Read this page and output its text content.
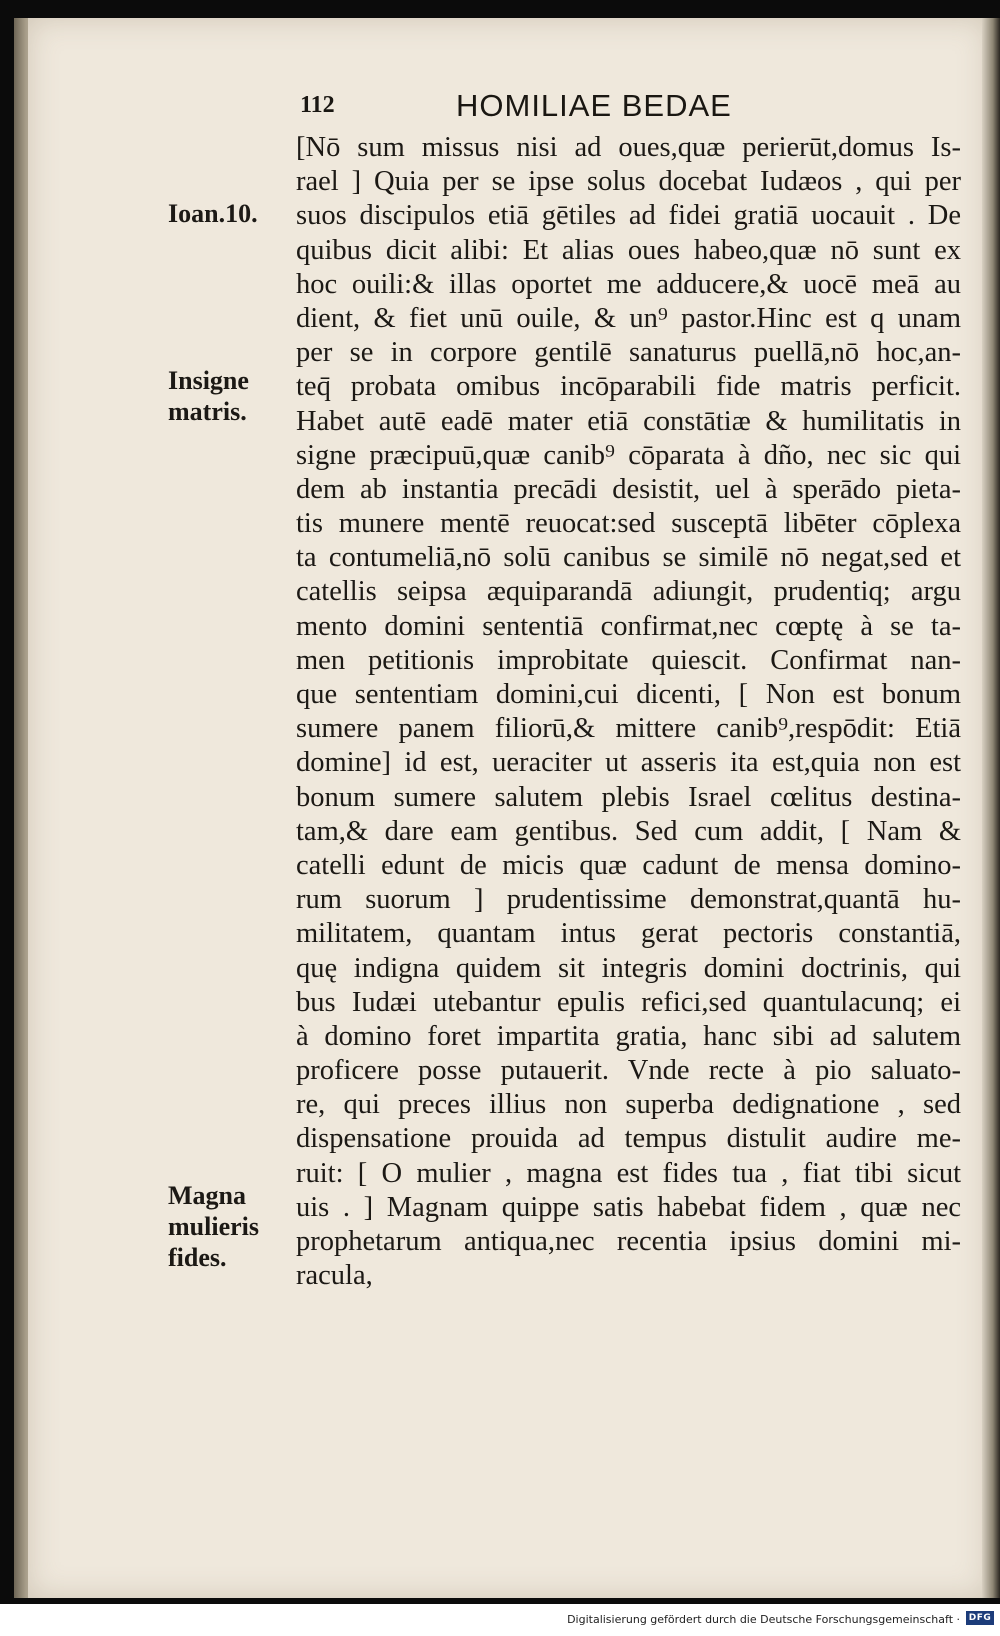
112	HOMILIAE BEDAE
Ioan.10.
Insigne
matris.
Magna
mulieris
fides.
[Nō sum missus nisi ad oues,quæ perierūt,domus Is-
rael ] Quia per se ipse solus docebat Iudæos , qui per
suos discipulos etiā gētiles ad fidei gratiā uocauit . De
quibus dicit alibi: Et alias oues habeo,quæ nō sunt ex
hoc ouili:& illas oportet me adducere,& uocē meā au
dient, & fiet unū ouile, & un⁹ pastor.Hinc est q unam
per se in corpore gentilē sanaturus puellā,nō hoc,an-
teq̄ probata omibus incōparabili fide matris perficit.
Habet autē eadē mater etiā constātiæ & humilitatis in
signe præcipuū,quæ canib⁹ cōparata à dño, nec sic qui
dem ab instantia precādi desistit, uel à sperādo pieta-
tis munere mentē reuocat:sed susceptā libēter cōplexa
ta contumeliā,nō solū canibus se similē nō negat,sed et
catellis seipsa æquiparandā adiungit, prudentiq; argu
mento domini sententiā confirmat,nec cœptę à se ta-
men petitionis improbitate quiescit. Confirmat nan-
que sententiam domini,cui dicenti, [ Non est bonum
sumere panem filiorū,& mittere canib⁹,respōdit: Etiā
domine] id est, ueraciter ut asseris ita est,quia non est
bonum sumere salutem plebis Israel cœlitus destina-
tam,& dare eam gentibus. Sed cum addit, [ Nam &
catelli edunt de micis quæ cadunt de mensa domino-
rum suorum ] prudentissime demonstrat,quantā hu-
militatem, quantam intus gerat pectoris constantiā,
quę indigna quidem sit integris domini doctrinis, qui
bus Iudæi utebantur epulis refici,sed quantulacunq; ei
à domino foret impartita gratia, hanc sibi ad salutem
proficere posse putauerit. Vnde recte à pio saluato-
re, qui preces illius non superba dedignatione , sed
dispensatione prouida ad tempus distulit audire me-
ruit: [ O mulier , magna est fides tua , fiat tibi sicut
uis . ] Magnam quippe satis habebat fidem , quæ nec
prophetarum antiqua,nec recentia ipsius domini mi-
racula,
Digitalisierung gefördert durch die Deutsche Forschungsgemeinschaft · DFG
